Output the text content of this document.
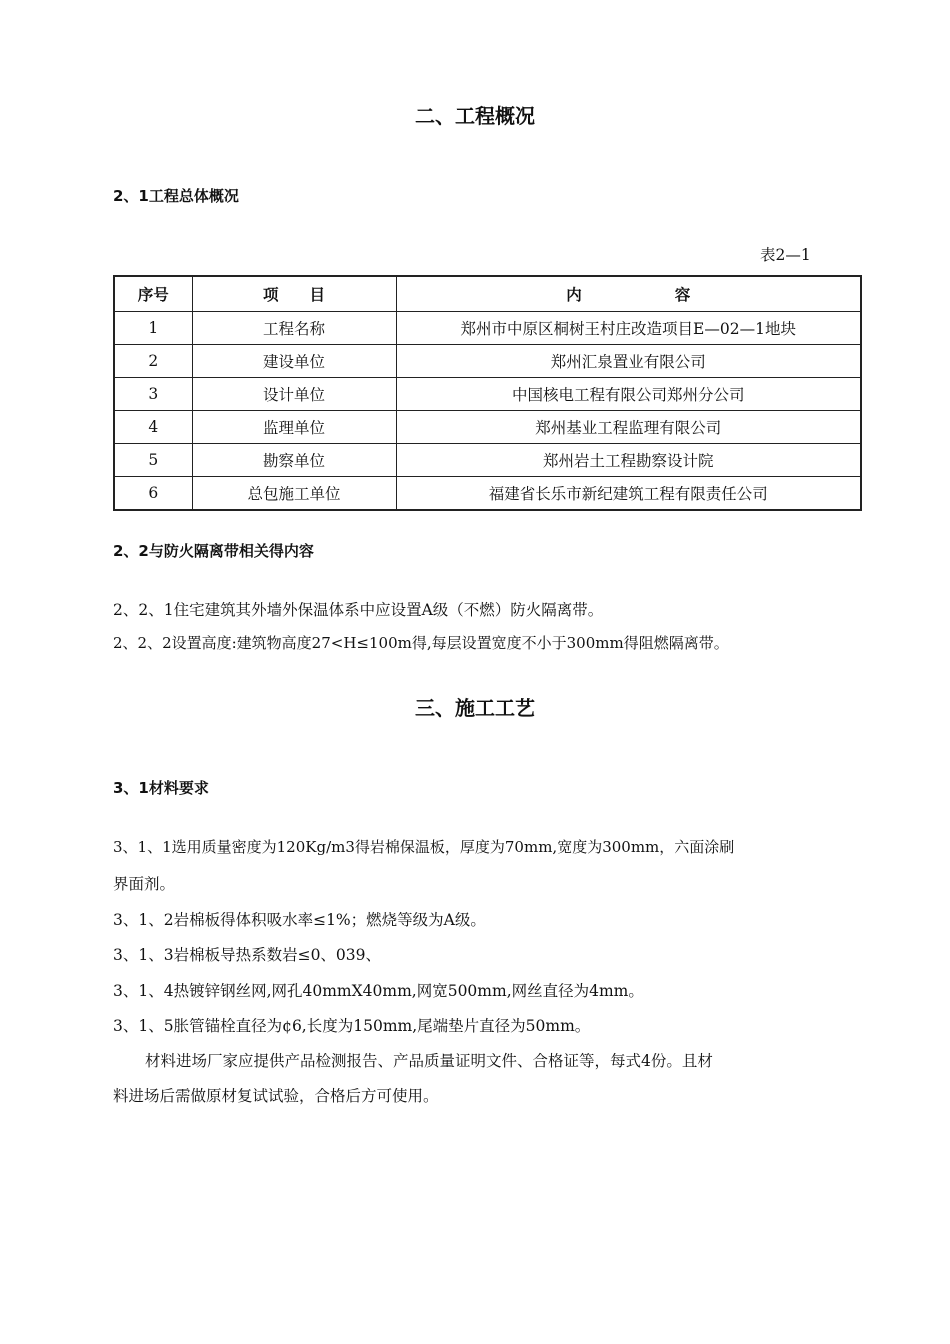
二、工程概况
2、1工程总体概况
表2—1
序号	项　　目	内　　　　　　容
1	工程名称	郑州市中原区桐树王村庄改造项目E—02—1地块
2	建设单位	郑州汇泉置业有限公司
3	设计单位	中国核电工程有限公司郑州分公司
4	监理单位	郑州基业工程监理有限公司
5	勘察单位	郑州岩土工程勘察设计院
6	总包施工单位	福建省长乐市新纪建筑工程有限责任公司
2、2与防火隔离带相关得内容
2、2、1住宅建筑其外墙外保温体系中应设置A级（不燃）防火隔离带。
2、2、2设置高度:建筑物高度27<H≤100m得,每层设置宽度不小于300mm得阻燃隔离带。
三、施工工艺
3、1材料要求
3、1、1选用质量密度为120Kg/m3得岩棉保温板，厚度为70mm,宽度为300mm，六面涂刷
界面剂。
3、1、2岩棉板得体积吸水率≤1%；燃烧等级为A级。
3、1、3岩棉板导热系数岩≤0、039、
3、1、4热镀锌钢丝网,网孔40mmX40mm,网宽500mm,网丝直径为4mm。
3、1、5胀管锚栓直径为¢6,长度为150mm,尾端垫片直径为50mm。
材料进场厂家应提供产品检测报告、产品质量证明文件、合格证等，每式4份。且材
料进场后需做原材复试试验，合格后方可使用。
